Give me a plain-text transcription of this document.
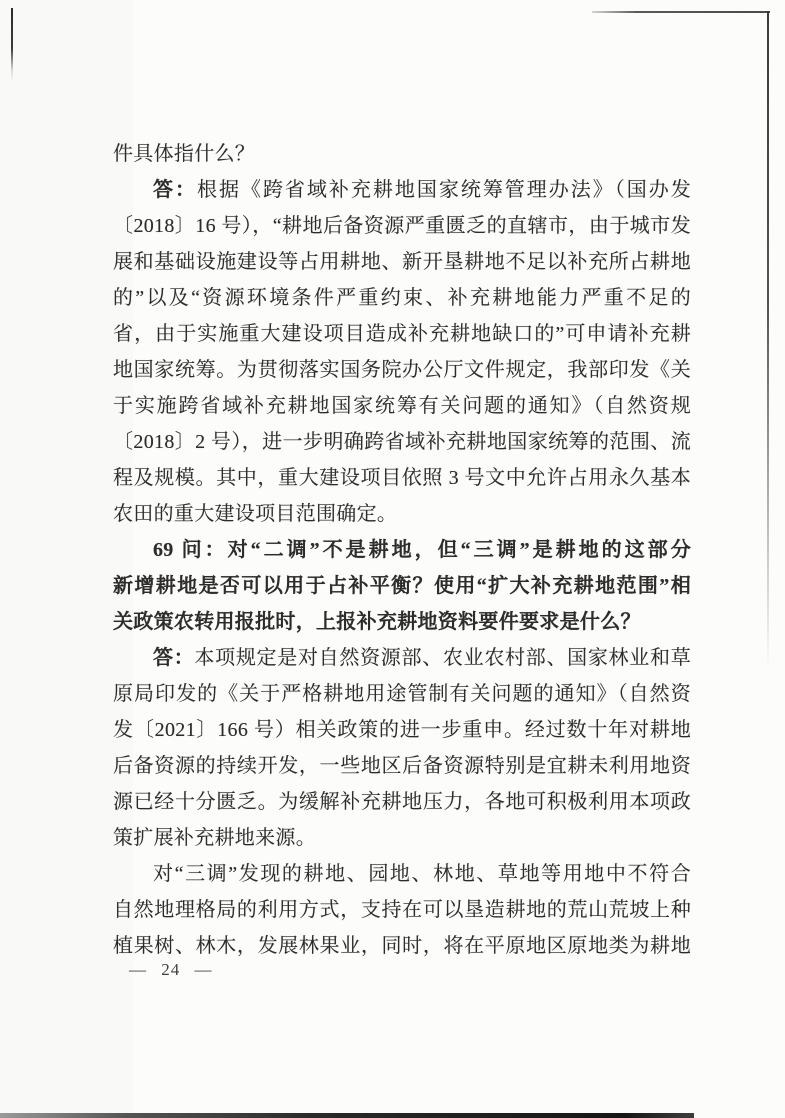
件具体指什么？
答：根据《跨省域补充耕地国家统筹管理办法》（国办发
〔2018〕16 号），“耕地后备资源严重匮乏的直辖市，由于城市发
展和基础设施建设等占用耕地、新开垦耕地不足以补充所占耕地
的”以及“资源环境条件严重约束、补充耕地能力严重不足的
省，由于实施重大建设项目造成补充耕地缺口的”可申请补充耕
地国家统筹。为贯彻落实国务院办公厅文件规定，我部印发《关
于实施跨省域补充耕地国家统筹有关问题的通知》（自然资规
〔2018〕2 号），进一步明确跨省域补充耕地国家统筹的范围、流
程及规模。其中，重大建设项目依照 3 号文中允许占用永久基本
农田的重大建设项目范围确定。
69 问：对“二调”不是耕地，但“三调”是耕地的这部分
新增耕地是否可以用于占补平衡？使用“扩大补充耕地范围”相
关政策农转用报批时，上报补充耕地资料要件要求是什么？
答：本项规定是对自然资源部、农业农村部、国家林业和草
原局印发的《关于严格耕地用途管制有关问题的通知》（自然资
发〔2021〕166 号）相关政策的进一步重申。经过数十年对耕地
后备资源的持续开发，一些地区后备资源特别是宜耕未利用地资
源已经十分匮乏。为缓解补充耕地压力，各地可积极利用本项政
策扩展补充耕地来源。
对“三调”发现的耕地、园地、林地、草地等用地中不符合
自然地理格局的利用方式，支持在可以垦造耕地的荒山荒坡上种
植果树、林木，发展林果业，同时，将在平原地区原地类为耕地
— 24 —
